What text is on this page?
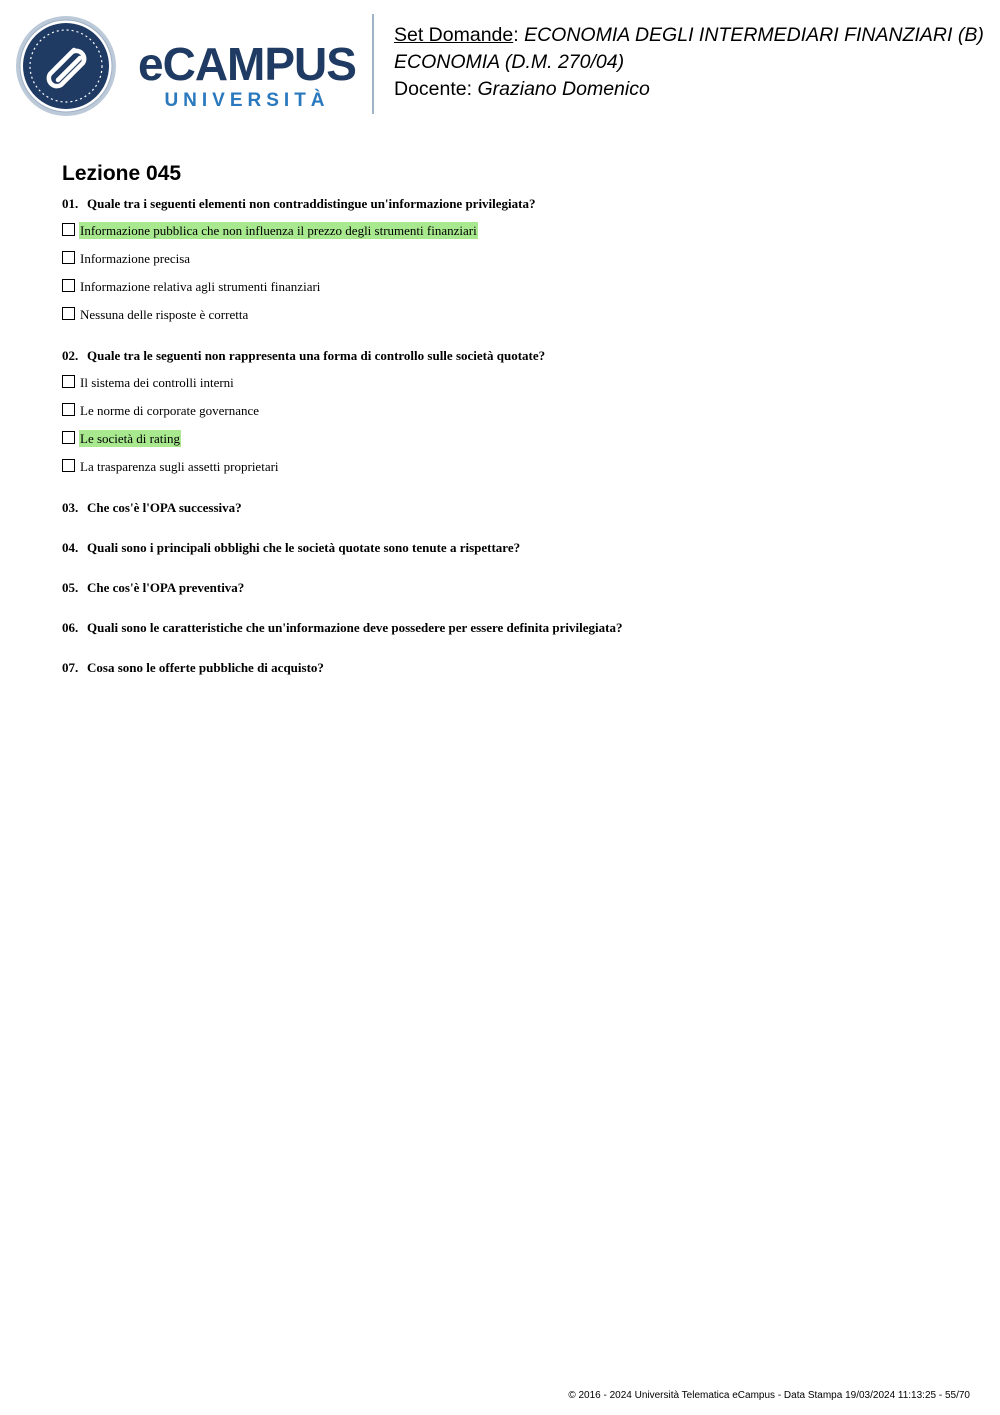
eCAMPUS
UNIVERSITÀ
Set Domande: ECONOMIA DEGLI INTERMEDIARI FINANZIARI (B)
ECONOMIA (D.M. 270/04)
Docente: Graziano Domenico
Lezione 045
01. Quale tra i seguenti elementi non contraddistingue un'informazione privilegiata?
Informazione pubblica che non influenza il prezzo degli strumenti finanziari
Informazione precisa
Informazione relativa agli strumenti finanziari
Nessuna delle risposte è corretta
02. Quale tra le seguenti non rappresenta una forma di controllo sulle società quotate?
Il sistema dei controlli interni
Le norme di corporate governance
Le società di rating
La trasparenza sugli assetti proprietari
03. Che cos'è l'OPA successiva?
04. Quali sono i principali obblighi che le società quotate sono tenute a rispettare?
05. Che cos'è l'OPA preventiva?
06. Quali sono le caratteristiche che un'informazione deve possedere per essere definita privilegiata?
07. Cosa sono le offerte pubbliche di acquisto?
© 2016 - 2024 Università Telematica eCampus - Data Stampa 19/03/2024 11:13:25 - 55/70
